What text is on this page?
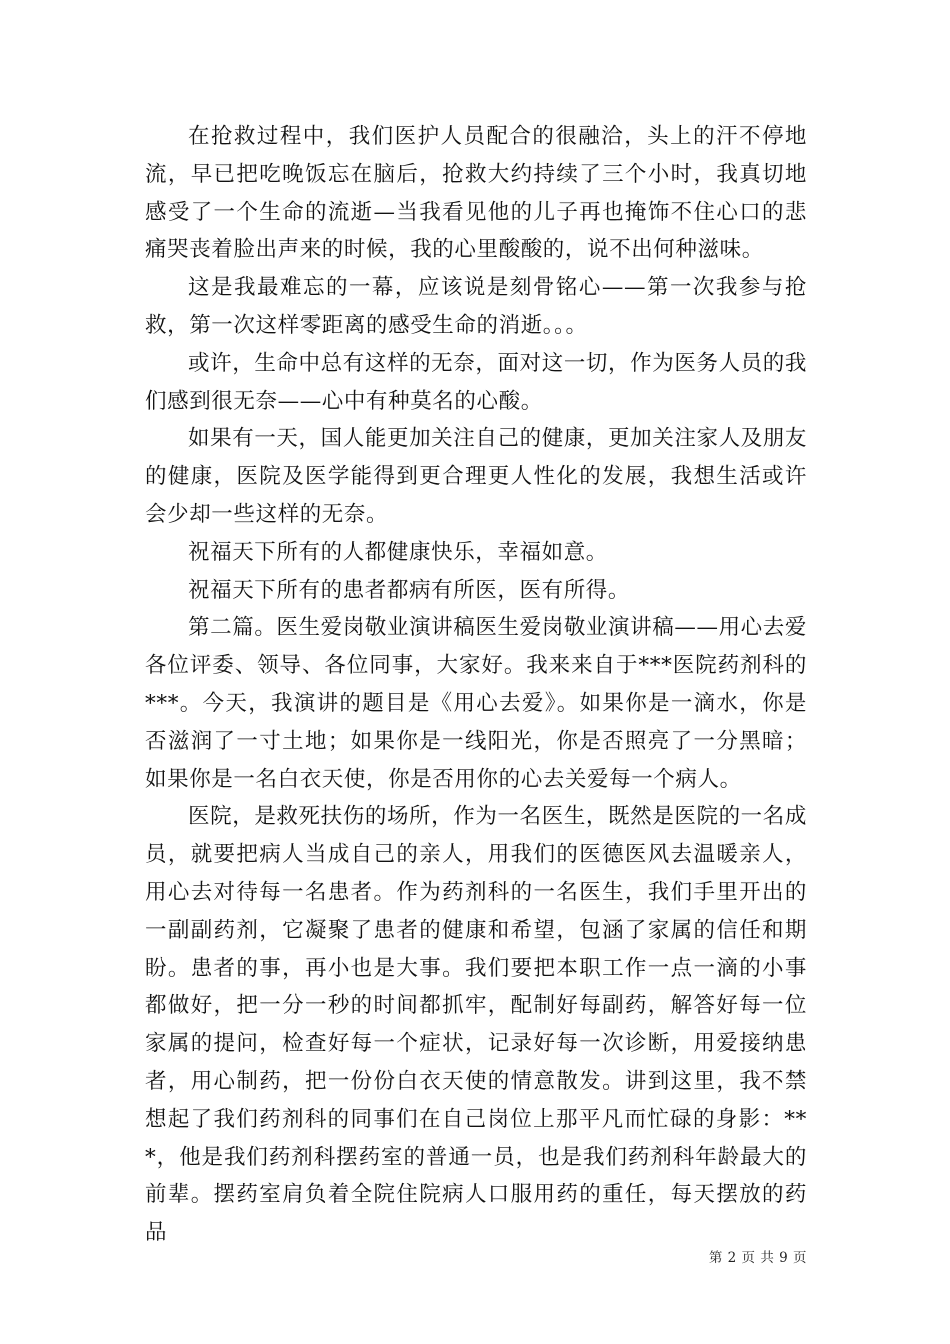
在抢救过程中，我们医护人员配合的很融洽，头上的汗不停地流，早已把吃晚饭忘在脑后，抢救大约持续了三个小时，我真切地感受了一个生命的流逝—当我看见他的儿子再也掩饰不住心口的悲痛哭丧着脸出声来的时候，我的心里酸酸的，说不出何种滋味。

这是我最难忘的一幕，应该说是刻骨铭心——第一次我参与抢救，第一次这样零距离的感受生命的消逝。。。

或许，生命中总有这样的无奈，面对这一切，作为医务人员的我们感到很无奈——心中有种莫名的心酸。

如果有一天，国人能更加关注自己的健康，更加关注家人及朋友的健康，医院及医学能得到更合理更人性化的发展，我想生活或许会少却一些这样的无奈。

祝福天下所有的人都健康快乐，幸福如意。

祝福天下所有的患者都病有所医，医有所得。

第二篇。医生爱岗敬业演讲稿医生爱岗敬业演讲稿——用心去爱各位评委、领导、各位同事，大家好。我来来自于***医院药剂科的***。今天，我演讲的题目是《用心去爱》。如果你是一滴水，你是否滋润了一寸土地；如果你是一线阳光，你是否照亮了一分黑暗；如果你是一名白衣天使，你是否用你的心去关爱每一个病人。

医院，是救死扶伤的场所，作为一名医生，既然是医院的一名成员，就要把病人当成自己的亲人，用我们的医德医风去温暖亲人，用心去对待每一名患者。作为药剂科的一名医生，我们手里开出的一副副药剂，它凝聚了患者的健康和希望，包涵了家属的信任和期盼。患者的事，再小也是大事。我们要把本职工作一点一滴的小事都做好，把一分一秒的时间都抓牢，配制好每副药，解答好每一位家属的提问，检查好每一个症状，记录好每一次诊断，用爱接纳患者，用心制药，把一份份白衣天使的情意散发。讲到这里，我不禁想起了我们药剂科的同事们在自己岗位上那平凡而忙碌的身影：***，他是我们药剂科摆药室的普通一员，也是我们药剂科年龄最大的前辈。摆药室肩负着全院住院病人口服用药的重任，每天摆放的药品

第 2 页 共 9 页
